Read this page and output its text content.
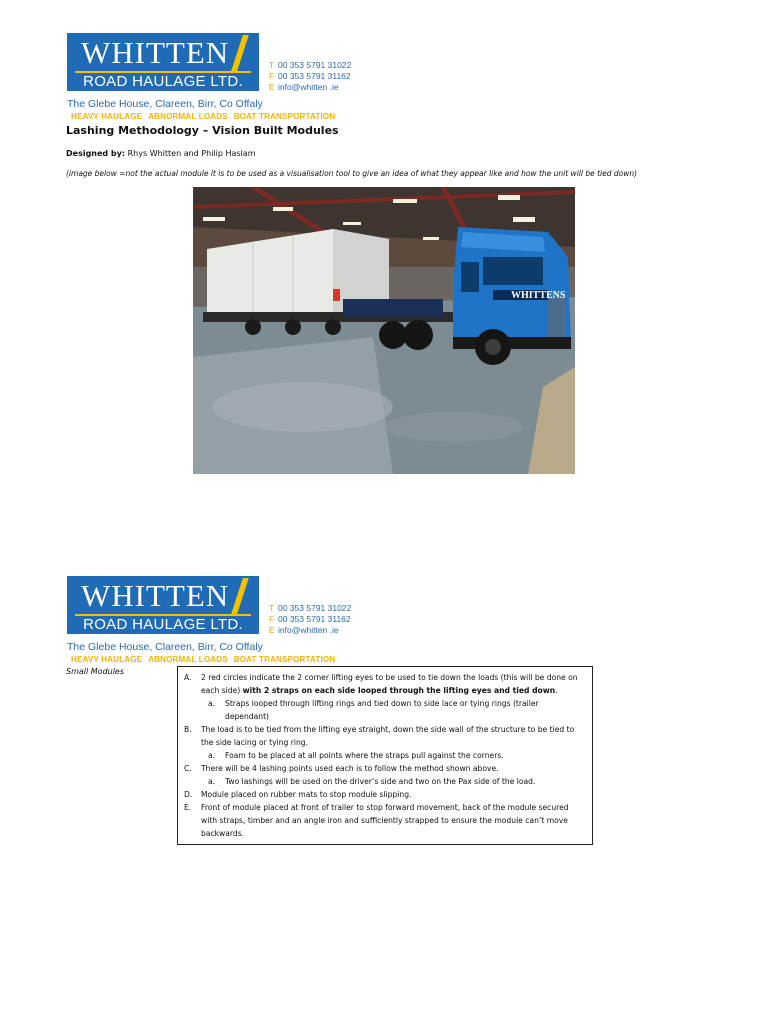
WHITTEN
ROAD HAULAGE LTD.
T 00 353 5791 31022
F 00 353 5791 31162
E info@whitten .ie
The Glebe House, Clareen, Birr, Co Offaly
HEAVY HAULAGE ABNORMAL LOADS BOAT TRANSPORTATION
Lashing Methodology – Vision Built Modules
Designed by: Rhys Whitten and Philip Haslam
(image below =not the actual module it is to be used as a visualisation tool to give an idea of what they appear like and how the unit will be tied down)
WHITTENS
WHITTEN
ROAD HAULAGE LTD.
T 00 353 5791 31022
F 00 353 5791 31162
E info@whitten .ie
The Glebe House, Clareen, Birr, Co Offaly
HEAVY HAULAGE ABNORMAL LOADS BOAT TRANSPORTATION
Small Modules
A. 2 red circles indicate the 2 corner lifting eyes to be used to tie down the loads (this will be done on each side) with 2 straps on each side looped through the lifting eyes and tied down.
a. Straps looped through lifting rings and tied down to side lace or tying rings (trailer dependant)
B. The load is to be tied from the lifting eye straight, down the side wall of the structure to be tied to the side lacing or tying ring.
a. Foam to be placed at all points where the straps pull against the corners.
C. There will be 4 lashing points used each is to follow the method shown above.
a. Two lashings will be used on the driver’s side and two on the Pax side of the load.
D. Module placed on rubber mats to stop module slipping.
E. Front of module placed at front of trailer to stop forward movement, back of the module secured with straps, timber and an angle iron and sufficiently strapped to ensure the module can’t move backwards.
